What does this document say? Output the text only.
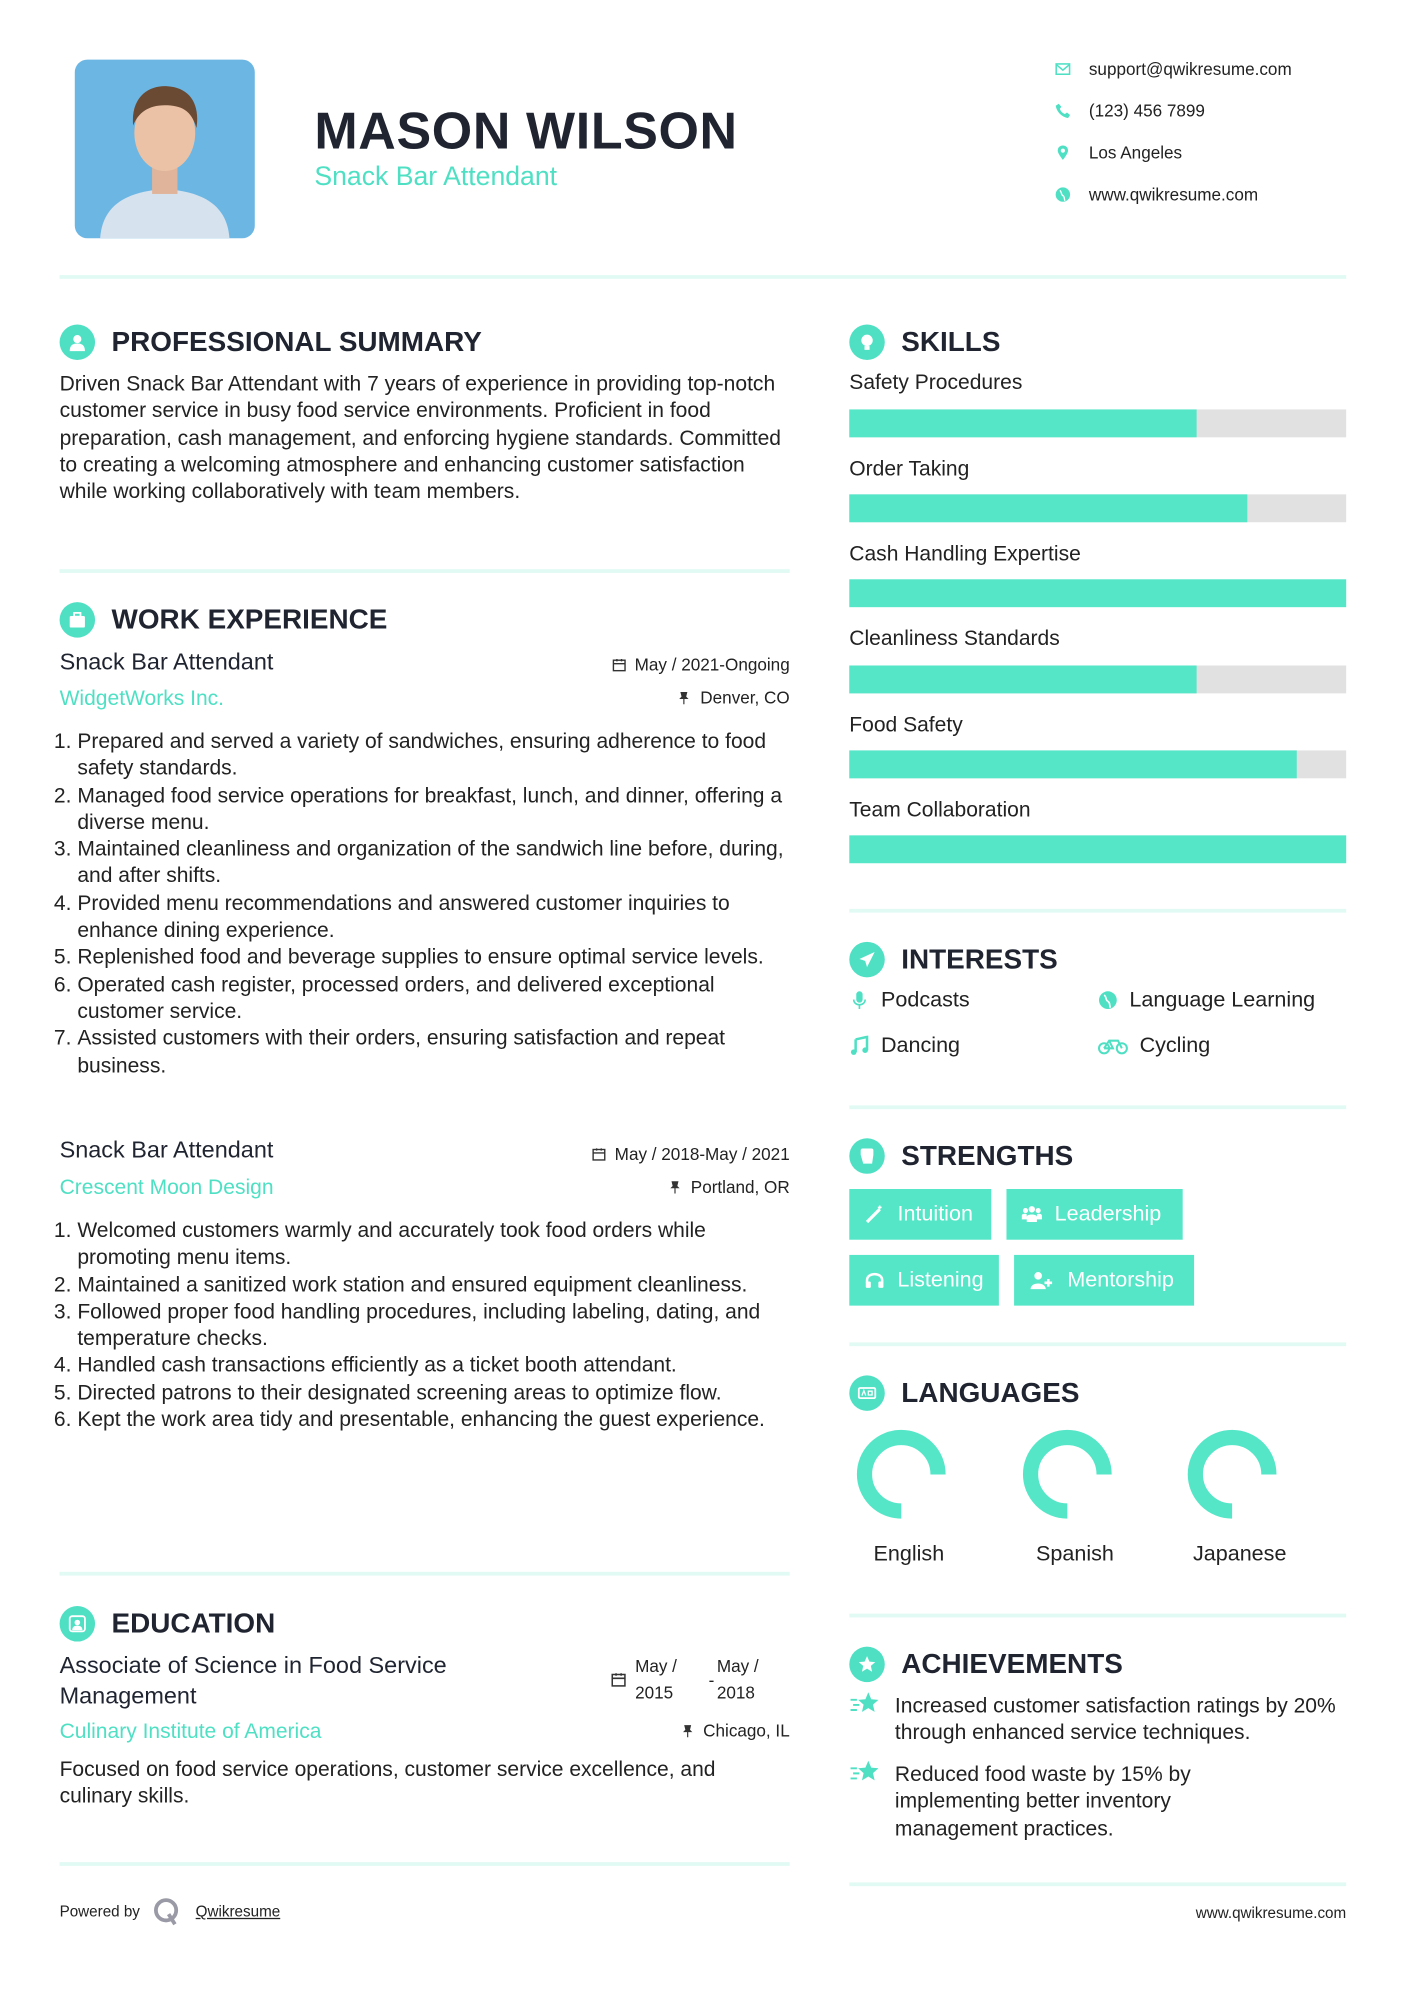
MASON WILSON
Snack Bar Attendant
support@qwikresume.com
(123) 456 7899
Los Angeles
www.qwikresume.com
PROFESSIONAL SUMMARY
Driven Snack Bar Attendant with 7 years of experience in providing top-notch customer service in busy food service environments. Proficient in food preparation, cash management, and enforcing hygiene standards. Committed to creating a welcoming atmosphere and enhancing customer satisfaction while working collaboratively with team members.
WORK EXPERIENCE
Snack Bar Attendant	May / 2021-Ongoing
WidgetWorks Inc.	Denver, CO
1. Prepared and served a variety of sandwiches, ensuring adherence to food safety standards.
2. Managed food service operations for breakfast, lunch, and dinner, offering a diverse menu.
3. Maintained cleanliness and organization of the sandwich line before, during, and after shifts.
4. Provided menu recommendations and answered customer inquiries to enhance dining experience.
5. Replenished food and beverage supplies to ensure optimal service levels.
6. Operated cash register, processed orders, and delivered exceptional customer service.
7. Assisted customers with their orders, ensuring satisfaction and repeat business.
Snack Bar Attendant	May / 2018-May / 2021
Crescent Moon Design	Portland, OR
1. Welcomed customers warmly and accurately took food orders while promoting menu items.
2. Maintained a sanitized work station and ensured equipment cleanliness.
3. Followed proper food handling procedures, including labeling, dating, and temperature checks.
4. Handled cash transactions efficiently as a ticket booth attendant.
5. Directed patrons to their designated screening areas to optimize flow.
6. Kept the work area tidy and presentable, enhancing the guest experience.
EDUCATION
Associate of Science in Food Service Management
May /
2015
-
May /
2018
Culinary Institute of America	Chicago, IL
Focused on food service operations, customer service excellence, and culinary skills.
Powered by	Qwikresume	www.qwikresume.com
SKILLS
Safety Procedures
Order Taking
Cash Handling Expertise
Cleanliness Standards
Food Safety
Team Collaboration
INTERESTS
Podcasts	Language Learning
Dancing	Cycling
STRENGTHS
Intuition	Leadership
Listening	Mentorship
LANGUAGES
English	Spanish	Japanese
ACHIEVEMENTS
Increased customer satisfaction ratings by 20% through enhanced service techniques.
Reduced food waste by 15% by implementing better inventory management practices.
